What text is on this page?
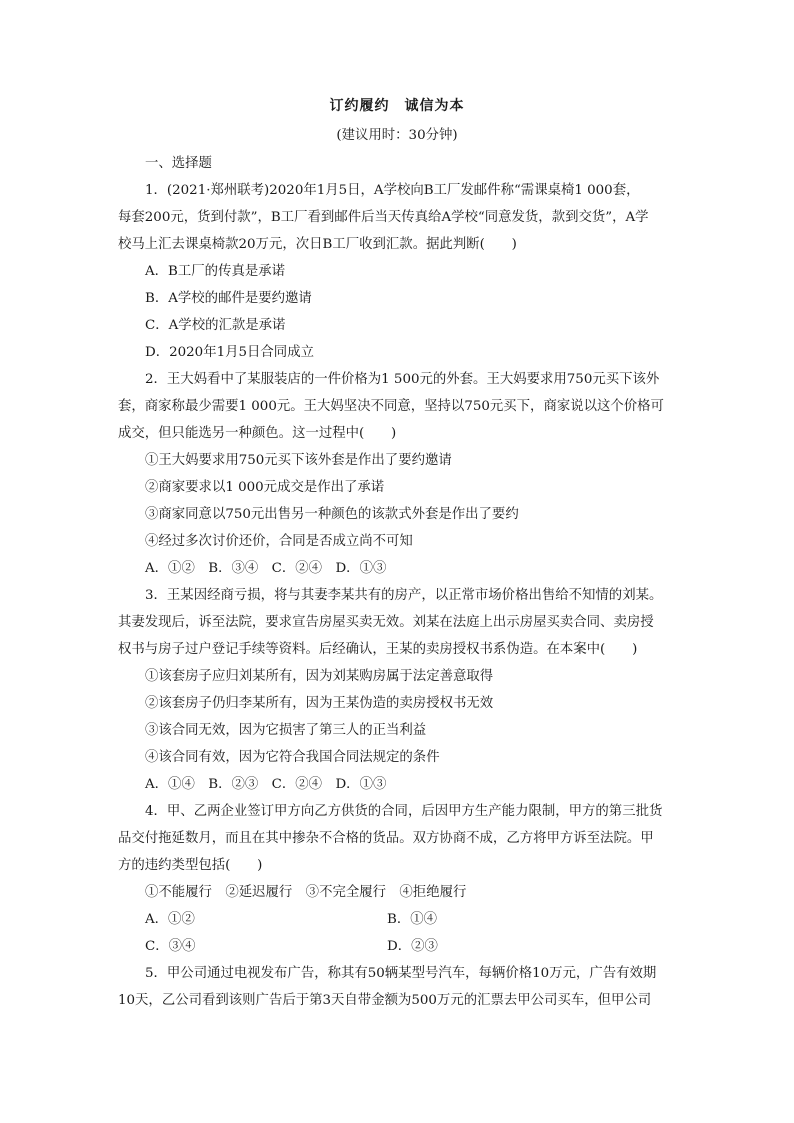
订约履约　诚信为本
(建议用时：30分钟)
一、选择题
1．(2021·郑州联考)2020年1月5日，A学校向B工厂发邮件称“需课桌椅1 000套，
每套200元，货到付款”，B工厂看到邮件后当天传真给A学校“同意发货，款到交货”，A学
校马上汇去课桌椅款20万元，次日B工厂收到汇款。据此判断(　　)
A．B工厂的传真是承诺
B．A学校的邮件是要约邀请
C．A学校的汇款是承诺
D．2020年1月5日合同成立
2．王大妈看中了某服装店的一件价格为1 500元的外套。王大妈要求用750元买下该外
套，商家称最少需要1 000元。王大妈坚决不同意，坚持以750元买下，商家说以这个价格可
成交，但只能选另一种颜色。这一过程中(　　)
①王大妈要求用750元买下该外套是作出了要约邀请
②商家要求以1 000元成交是作出了承诺
③商家同意以750元出售另一种颜色的该款式外套是作出了要约
④经过多次讨价还价，合同是否成立尚不可知
A．①②　B．③④　C．②④　D．①③
3．王某因经商亏损，将与其妻李某共有的房产，以正常市场价格出售给不知情的刘某。
其妻发现后，诉至法院，要求宣告房屋买卖无效。刘某在法庭上出示房屋买卖合同、卖房授
权书与房子过户登记手续等资料。后经确认，王某的卖房授权书系伪造。在本案中(　　)
①该套房子应归刘某所有，因为刘某购房属于法定善意取得
②该套房子仍归李某所有，因为王某伪造的卖房授权书无效
③该合同无效，因为它损害了第三人的正当利益
④该合同有效，因为它符合我国合同法规定的条件
A．①④　B．②③　C．②④　D．①③
4．甲、乙两企业签订甲方向乙方供货的合同，后因甲方生产能力限制，甲方的第三批货
品交付拖延数月，而且在其中掺杂不合格的货品。双方协商不成，乙方将甲方诉至法院。甲
方的违约类型包括(　　)
①不能履行　②延迟履行　③不完全履行　④拒绝履行
A．①②	B．①④
C．③④	D．②③
5．甲公司通过电视发布广告，称其有50辆某型号汽车，每辆价格10万元，广告有效期
10天，乙公司看到该则广告后于第3天自带金额为500万元的汇票去甲公司买车，但甲公司
